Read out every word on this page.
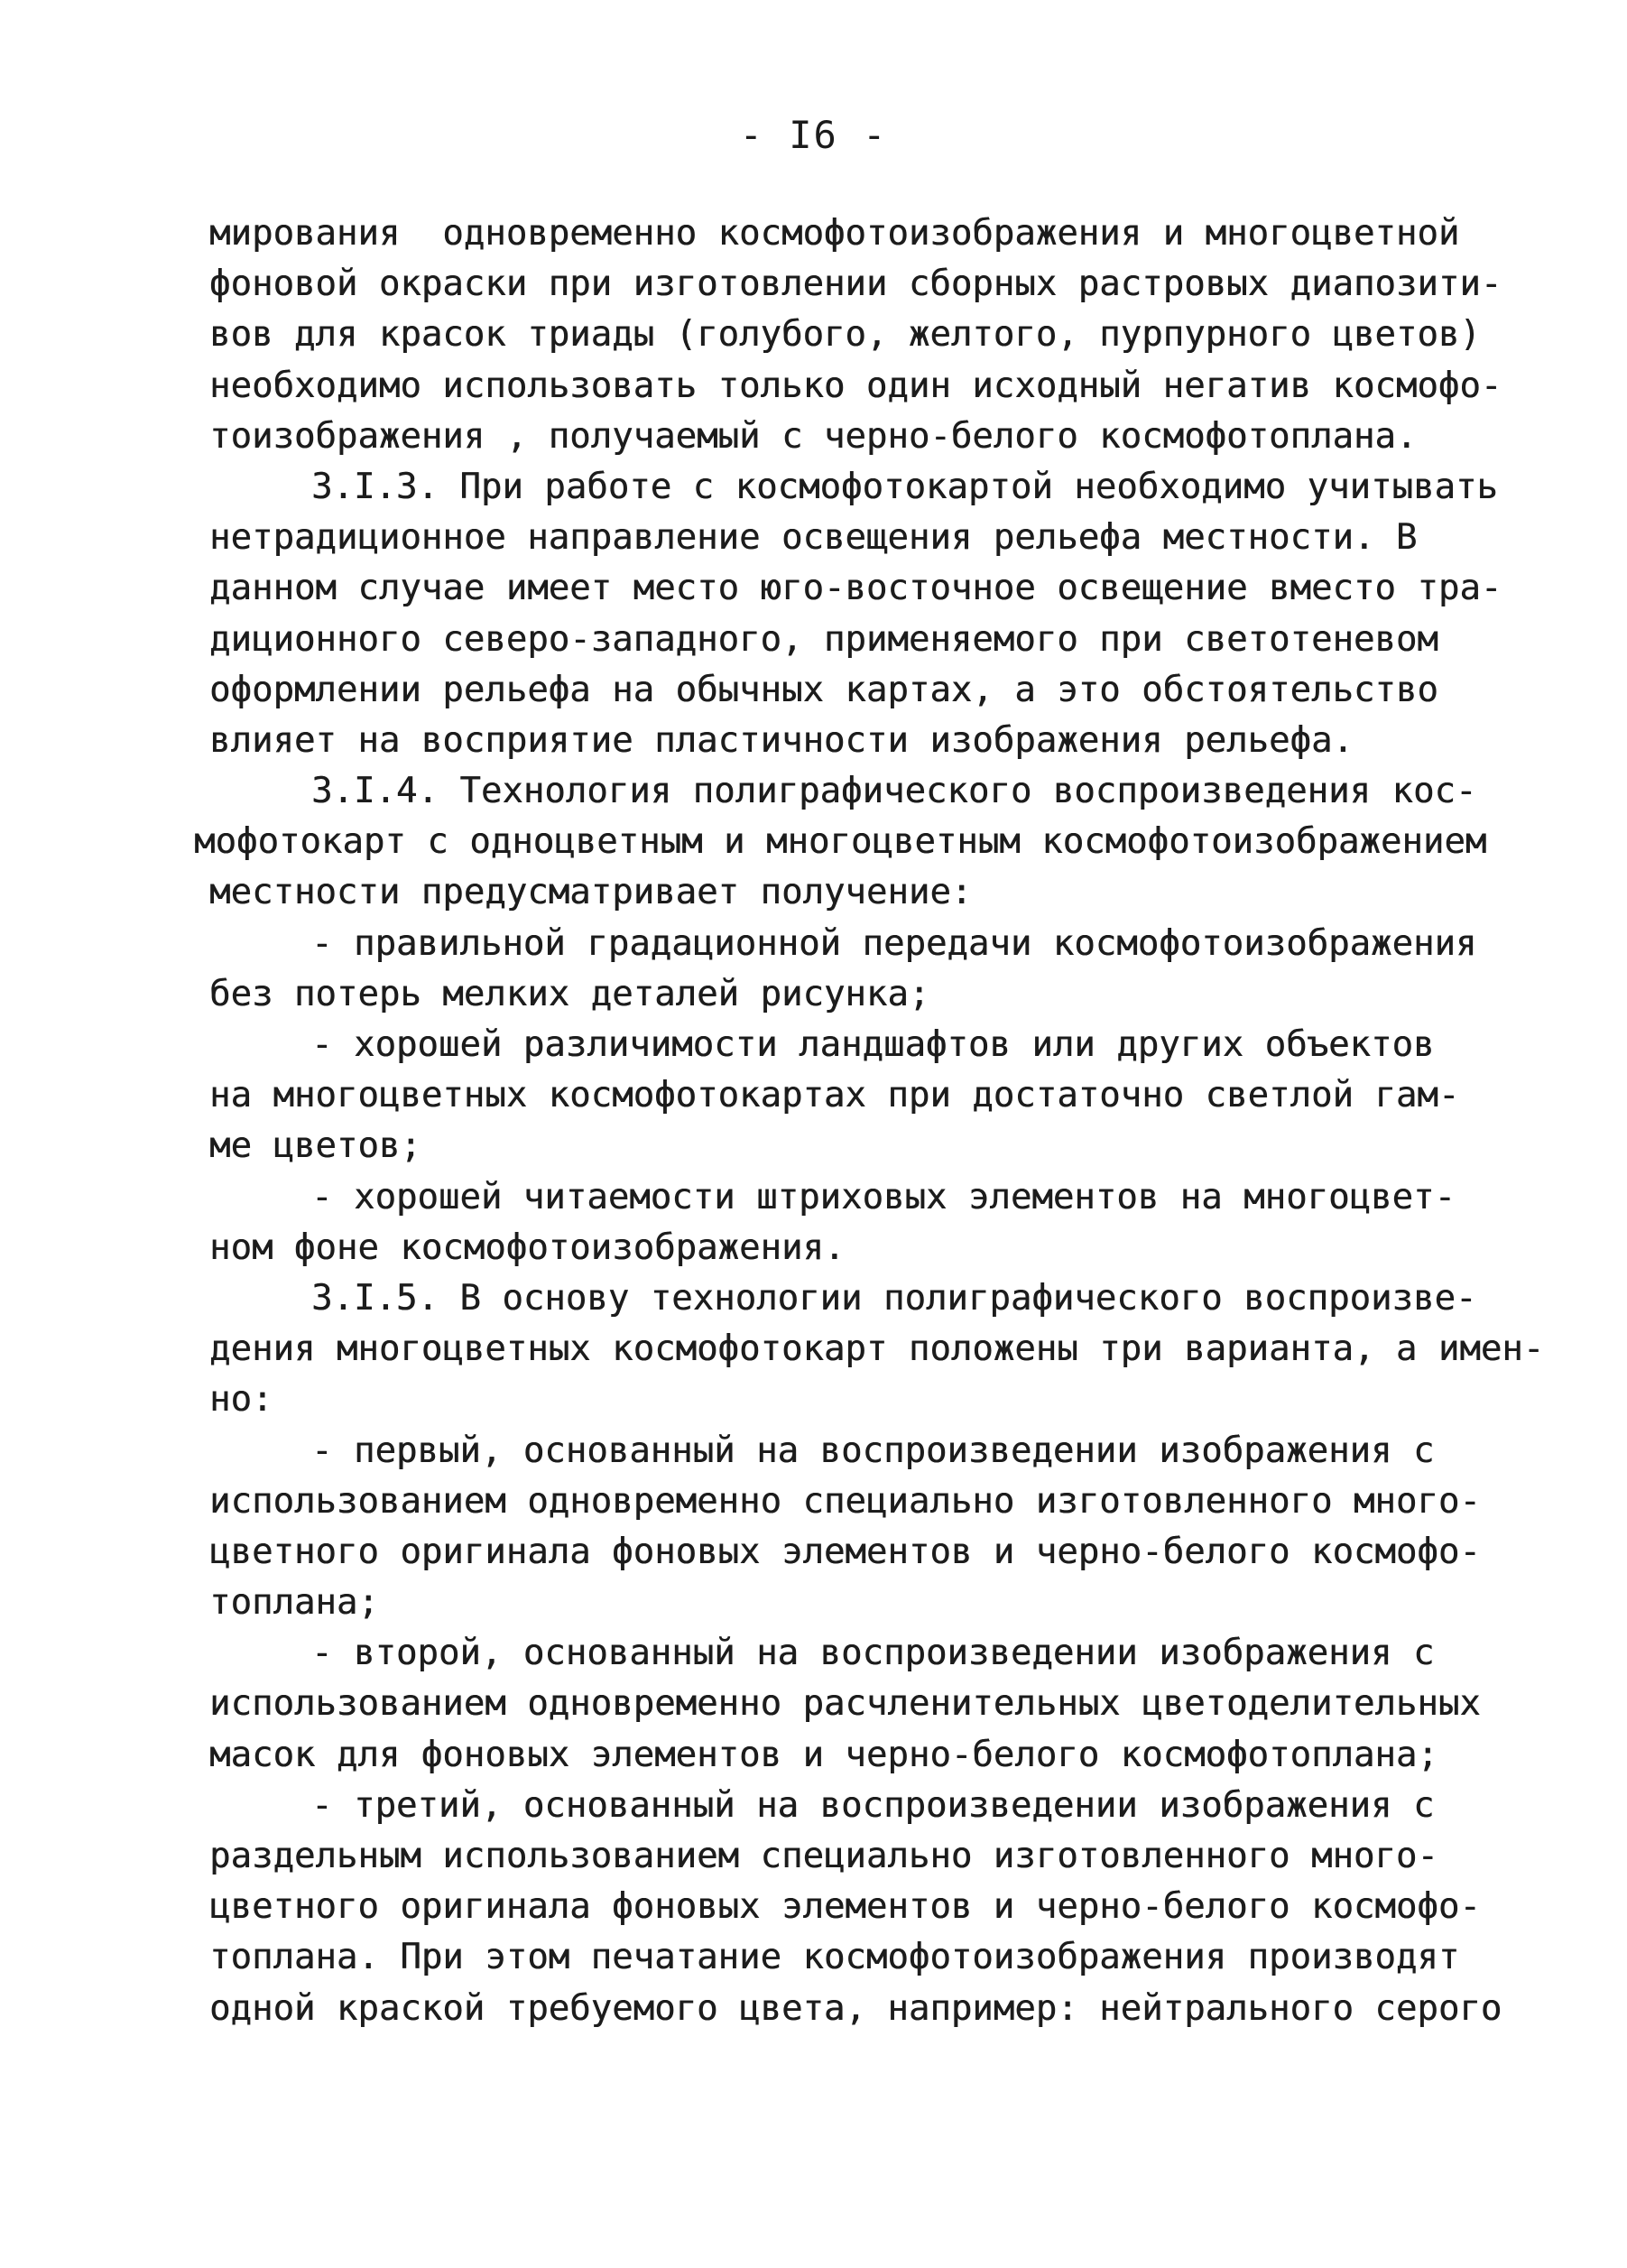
- I6 -
мирования  одновременно космофотоизображения и многоцветной
фоновой окраски при изготовлении сборных растровых диапозити-
вов для красок триады (голубого, желтого, пурпурного цветов)
необходимо использовать только один исходный негатив космофо-
тоизображения , получаемый с черно-белого космофотоплана.
3.I.3. При работе с космофотокартой необходимо учитывать
нетрадиционное направление освещения рельефа местности. В
данном случае имеет место юго-восточное освещение вместо тра-
диционного северо-западного, применяемого при светотеневом
оформлении рельефа на обычных картах, а это обстоятельство
влияет на восприятие пластичности изображения рельефа.
3.I.4. Технология полиграфического воспроизведения кос-
мофотокарт с одноцветным и многоцветным космофотоизображением
местности предусматривает получение:
- правильной градационной передачи космофотоизображения
без потерь мелких деталей рисунка;
- хорошей различимости ландшафтов или других объектов
на многоцветных космофотокартах при достаточно светлой гам-
ме цветов;
- хорошей читаемости штриховых элементов на многоцвет-
ном фоне космофотоизображения.
3.I.5. В основу технологии полиграфического воспроизве-
дения многоцветных космофотокарт положены три варианта, а имен-
но:
- первый, основанный на воспроизведении изображения с
использованием одновременно специально изготовленного много-
цветного оригинала фоновых элементов и черно-белого космофо-
топлана;
- второй, основанный на воспроизведении изображения с
использованием одновременно расчленительных цветоделительных
масок для фоновых элементов и черно-белого космофотоплана;
- третий, основанный на воспроизведении изображения с
раздельным использованием специально изготовленного много-
цветного оригинала фоновых элементов и черно-белого космофо-
топлана. При этом печатание космофотоизображения производят
одной краской требуемого цвета, например: нейтрального серого
